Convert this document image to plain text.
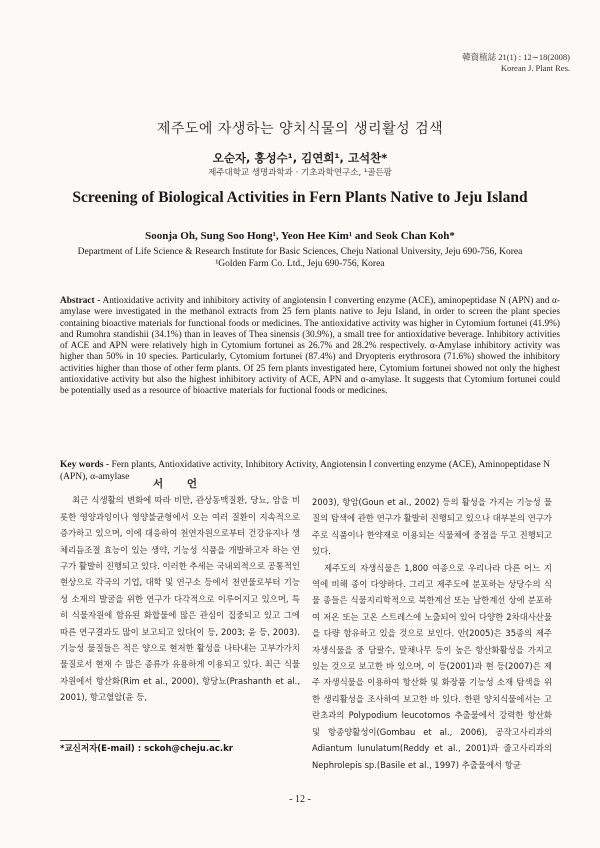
韓資植誌 21(1) : 12∼18(2008)
Korean J. Plant Res.
제주도에 자생하는 양치식물의 생리활성 검색
오순자, 홍성수¹, 김연희¹, 고석찬*
제주대학교 생명과학과 · 기초과학연구소, ¹골든팜
Screening of Biological Activities in Fern Plants Native to Jeju Island
Soonja Oh, Sung Soo Hong¹, Yeon Hee Kim¹ and Seok Chan Koh*
Department of Life Science & Research Institute for Basic Sciences, Cheju National University, Jeju 690-756, Korea
¹Golden Farm Co. Ltd., Jeju 690-756, Korea
Abstract - Antioxidative activity and inhibitory activity of angiotensin Ⅰ converting enzyme (ACE), aminopeptidase N (APN) and α-amylase were investigated in the methanol extracts from 25 fern plants native to Jeju Island, in order to screen the plant species containing bioactive materials for functional foods or medicines. The antioxidative activity was higher in Cytomium fortunei (41.9%) and Rumohra standishii (34.1%) than in leaves of Thea sinensis (30.9%), a small tree for antioxidative beverage. Inhibitory activities of ACE and APN were relatively high in Cytomium fortunei as 26.7% and 28.2% respectively. α-Amylase inhibitory activity was higher than 50% in 10 species. Particularly, Cytomium fortunei (87.4%) and Dryopteris erythrosora (71.6%) showed the inhibitory activities higher than those of other ferm plants. Of 25 fern plants investigated here, Cytomium fortunei showed not only the highest antioxidative activity but also the highest inhibitory activity of ACE, APN and α-amylase. It suggests that Cytomium fortunei could be potentially used as a resource of bioactive materials for fuctional foods or medicines.
Key words - Fern plants, Antioxidative activity, Inhibitory Activity, Angiotensin Ⅰ converting enzyme (ACE), Aminopeptidase N (APN), α-amylase

서 언

최근 식생활의 변화에 따라 비만, 관상동맥질환, 당뇨, 암을 비롯한 영양과잉이나 영양불균형에서 오는 여러 질환이 지속적으로 증가하고 있으며, 이에 대응하여 천연자원으로부터 건강유지나 생체리듬조절 효능이 있는 생약, 기능성 식품을 개발하고자 하는 연구가 활발히 진행되고 있다. 이러한 추세는 국내외적으로 공통적인 현상으로 각국의 기업, 대학 및 연구소 등에서 천연물로부터 기능성 소재의 발굴을 위한 연구가 다각적으로 이루어지고 있으며, 특히 식물자원에 함유된 화합물에 많은 관심이 집중되고 있고 그에 따른 연구결과도 많이 보고되고 있다(이 등, 2003; 윤 등, 2003). 기능성 물질들은 적은 양으로 현저한 활성을 나타내는 고부가가치 물질로서 현재 수 많은 종류가 유용하게 이용되고 있다. 최근 식물자원에서 항산화(Rim et al., 2000), 항당뇨(Prashanth et al., 2001), 항고혈압(윤 등,

2003), 항암(Goun et al., 2002) 등의 활성을 가지는 기능성 물질의 탐색에 관한 연구가 활발히 진행되고 있으나 대부분의 연구가 주로 식품이나 한약재로 이용되는 식물체에 중점을 두고 진행되고 있다.

제주도의 자생식물은 1,800 여종으로 우리나라 다른 어느 지역에 비해 종이 다양하다. 그리고 제주도에 분포하는 상당수의 식물 종들은 식물지리학적으로 북한계선 또는 남한계선 상에 분포하여 저온 또는 고온 스트레스에 노출되어 있어 다양한 2차대사산물을 다량 함유하고 있을 것으로 보인다. 안(2005)은 35종의 제주 자생식물을 중 담팔수, 말채나무 등이 높은 항산화활성을 가지고 있는 것으로 보고한 바 있으며, 이 등(2001)과 현 등(2007)은 제주 자생식물을 이용하여 항산화 및 화장품 기능성 소재 탐색을 위한 생리활성을 조사하여 보고한 바 있다. 한편 양치식물에서는 고란초과의 Polypodium leucotomos 추출물에서 강력한 항산화 및 항종양활성이(Gombau et al., 2006), 공작고사리과의 Adiantum lunulatum(Reddy et al., 2001)과 줄고사리과의 Nephrolepis sp.(Basile et al., 1997) 추출물에서 항균

*교신저자(E-mail) : sckoh@cheju.ac.kr
- 12 -
